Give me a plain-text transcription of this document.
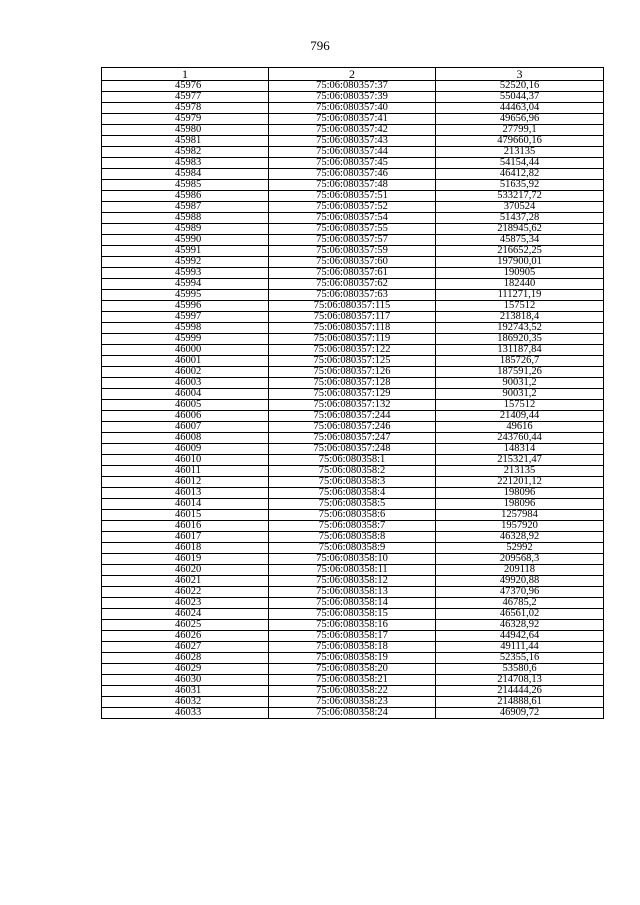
796
1	2	3
45976	75:06:080357:37	52520,16
45977	75:06:080357:39	55044,37
45978	75:06:080357:40	44463,04
45979	75:06:080357:41	49656,96
45980	75:06:080357:42	27799,1
45981	75:06:080357:43	479660,16
45982	75:06:080357:44	213135
45983	75:06:080357:45	54154,44
45984	75:06:080357:46	46412,82
45985	75:06:080357:48	51635,92
45986	75:06:080357:51	533217,72
45987	75:06:080357:52	370524
45988	75:06:080357:54	51437,28
45989	75:06:080357:55	218945,62
45990	75:06:080357:57	45875,34
45991	75:06:080357:59	216652,25
45992	75:06:080357:60	197900,01
45993	75:06:080357:61	190905
45994	75:06:080357:62	182440
45995	75:06:080357:63	111271,19
45996	75:06:080357:115	157512
45997	75:06:080357:117	213818,4
45998	75:06:080357:118	192743,52
45999	75:06:080357:119	186920,35
46000	75:06:080357:122	131187,84
46001	75:06:080357:125	185726,7
46002	75:06:080357:126	187591,26
46003	75:06:080357:128	90031,2
46004	75:06:080357:129	90031,2
46005	75:06:080357:132	157512
46006	75:06:080357:244	21409,44
46007	75:06:080357:246	49616
46008	75:06:080357:247	243760,44
46009	75:06:080357:248	148314
46010	75:06:080358:1	215321,47
46011	75:06:080358:2	213135
46012	75:06:080358:3	221201,12
46013	75:06:080358:4	198096
46014	75:06:080358:5	198096
46015	75:06:080358:6	1257984
46016	75:06:080358:7	1957920
46017	75:06:080358:8	46328,92
46018	75:06:080358:9	52992
46019	75:06:080358:10	209568,3
46020	75:06:080358:11	209118
46021	75:06:080358:12	49920,88
46022	75:06:080358:13	47370,96
46023	75:06:080358:14	46785,2
46024	75:06:080358:15	46561,02
46025	75:06:080358:16	46328,92
46026	75:06:080358:17	44942,64
46027	75:06:080358:18	49111,44
46028	75:06:080358:19	52355,16
46029	75:06:080358:20	53580,6
46030	75:06:080358:21	214708,13
46031	75:06:080358:22	214444,26
46032	75:06:080358:23	214888,61
46033	75:06:080358:24	46909,72
